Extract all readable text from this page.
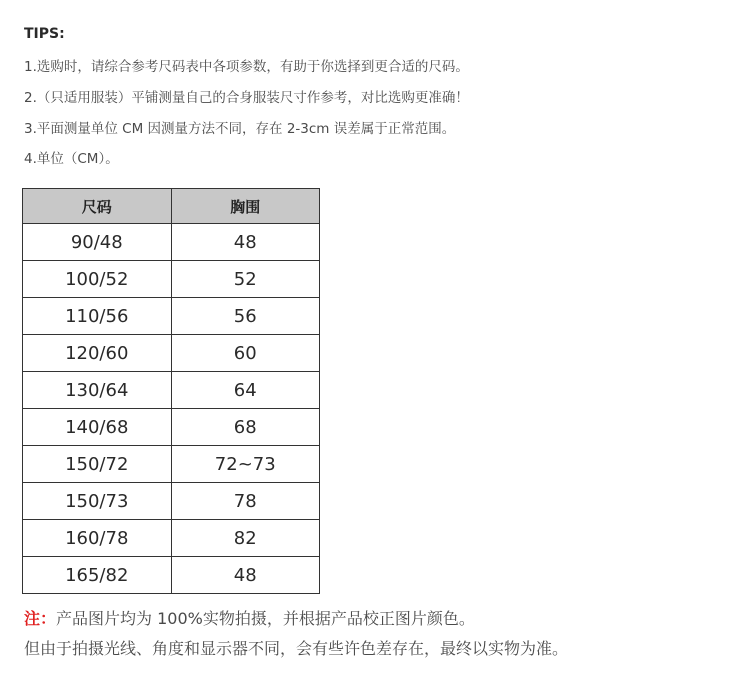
TIPS:
1.选购时，请综合参考尺码表中各项参数，有助于你选择到更合适的尺码。
2.（只适用服装）平铺测量自己的合身服装尺寸作参考，对比选购更准确！
3.平面测量单位 CM 因测量方法不同，存在 2-3cm 误差属于正常范围。
4.单位（CM）。
尺码	胸围
90/48	48
100/52	52
110/56	56
120/60	60
130/64	64
140/68	68
150/72	72~73
150/73	78
160/78	82
165/82	48
注：产品图片均为 100%实物拍摄，并根据产品校正图片颜色。
但由于拍摄光线、角度和显示器不同，会有些许色差存在，最终以实物为准。
